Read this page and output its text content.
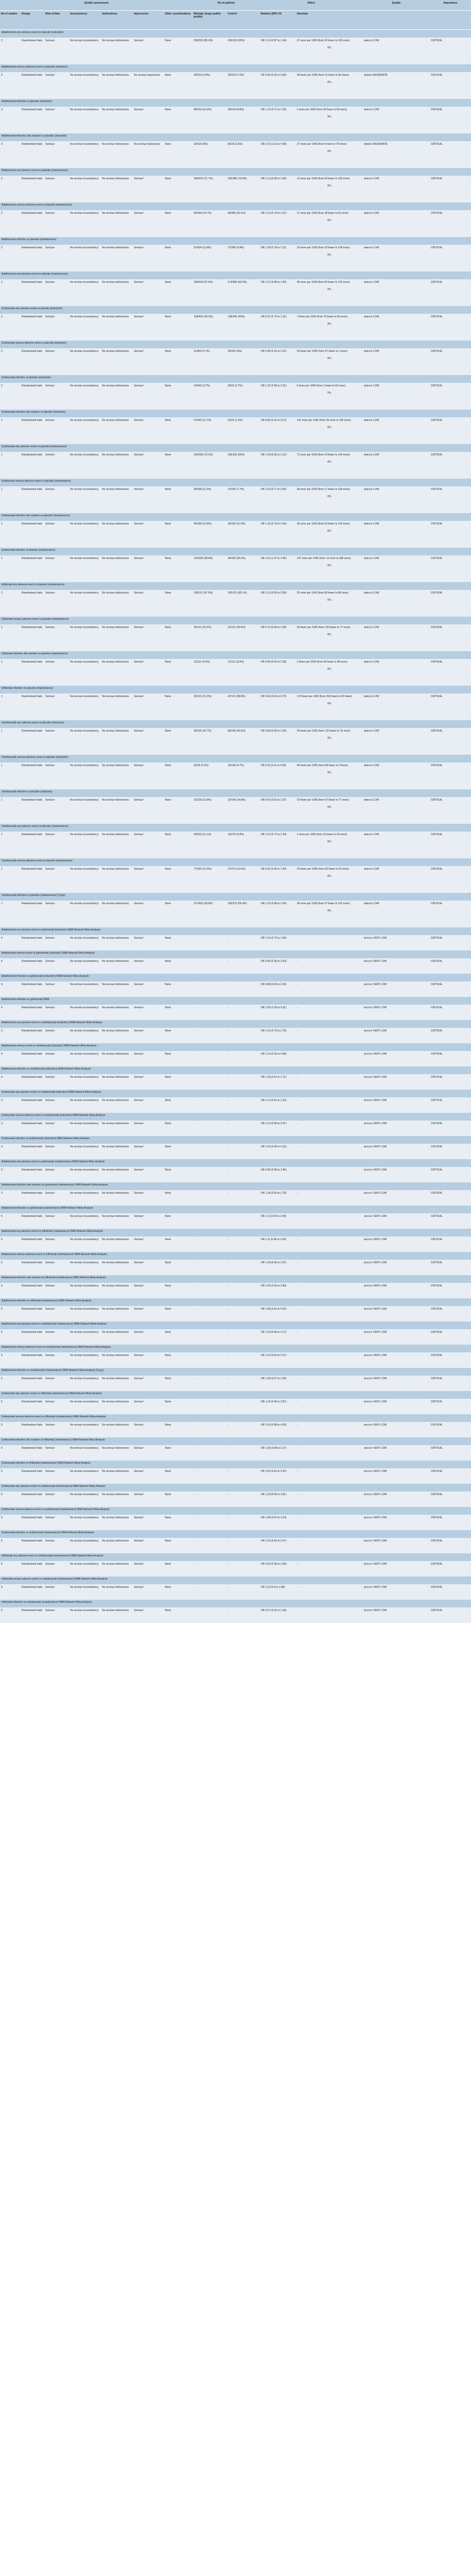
Quality assessment							No of patients		Effect		Quality	Importance
No of studies	Design	Risk of bias	Inconsistency	Indirectness	Imprecision	Other considerations	Biologic drugs (safety profile)	Control	Relative (95% CI)	Absolute		
Adalimumab any adverse event vs placebo (induction)												
2	Randomised trials	Serious¹	No serious inconsistency	No serious indirectness	Serious²	None	209/330 (55.2%)	159/319 (29%)	OR 1.16 (0.87 to 1.54)	37 more per 1000 (from 32 fewer to 105 more)
0%	⊕⊕⊝⊝ LOW	CRITICAL
Adalimumab serious adverse event vs placebo (induction)												
2	Randomised trials	Serious¹	No serious inconsistency	No serious indirectness	No serious imprecision	None	20/510 (3.9%)	24/319 (7.5%)	OR 0.46 (0.25 to 0.85)	39 fewer per 1000 (from 11 fewer to 56 fewer)
0%	⊕⊕⊕⊝ MODERATE	CRITICAL
Adalimumab infection vs placebo (induction)												
3	Randomised trials	Serious¹	No serious inconsistency	No serious indirectness	Serious²	None	86/510 (16.9%)	28/319 (8.8%)	OR 1.16 (0.71 to 1.59)	2 more per 1000 (from 30 fewer to 50 more)
0%	⊕⊕⊝⊝ LOW	CRITICAL
Adalimumab infection site reaction vs placebo (induction)												
3	Randomised trials	Serious¹	No serious inconsistency	No serious indirectness	No serious imprecision	None	32/510 (6%)	8/319 (2.5%)	OR 2.15 (1.01 to 4.58)	27 more per 1000 (from 0 more to 78 more)
0%	⊕⊕⊕⊝ MODERATE	CRITICAL
Adalimumab any adverse event vs placebo (maintenance)												
2	Randomised trials	Serious¹	No serious inconsistency	No serious indirectness	Serious²	None	304/424 (71.7%)	202/286 (70.6%)	OR 1.13 (0.69 to 1.86)	13 more per 1000 (from 90 fewer to 100 more)
0%	⊕⊕⊝⊝ LOW	CRITICAL
Adalimumab serious adverse event vs placebo (maintenance)												
2	Randomised trials	Serious¹	No serious inconsistency	No serious indirectness	Serious²	None	64/434 (14.7%)	46/286 (16.1%)	OR 1.12 (0.73 to 1.67)	17 more per 1000 (from 38 fewer to 82 more)
0%	⊕⊕⊝⊝ LOW	CRITICAL
Adalimumab infection vs placebo (maintenance)												
2	Randomised trials	Serious¹	No serious inconsistency	No serious indirectness	Serious²	None	51/434 (11.8%)	27/286 (9.4%)	OR 1.28 (0.78 to 2.11)	19 more per 1000 (from 20 fewer to 108 more)
0%	⊕⊕⊝⊝ LOW	CRITICAL
Adalimumab any adverse event vs placebo (maintenance)												
3	Randomised trials	Serious¹	No serious inconsistency	No serious indirectness	Serious²	None	250/434 (57.6%)	173/286 (60.5%)	OR 1.21 (0.80 to 1.83)	45 more per 1000 (from 55 fewer to 132 more)
0%	⊕⊕⊝⊝ LOW	CRITICAL
Golimumab any adverse event vs placebo (induction)												
2	Randomised trials	Serious¹	No serious inconsistency	No serious indirectness	Serious²	None	158/402 (39.3%)	138/345 (40%)	OR 0.97 (0.72 to 1.31)	7 fewer per 1000 (from 76 fewer to 66 more)
0%	⊕⊕⊝⊝ LOW	CRITICAL
Golimumab serious adverse event vs placebo (induction)												
2	Randomised trials	Serious¹	No serious inconsistency	No serious indirectness	Serious²	None	11/402 (2.7%)	20/331 (6%)	OR 0.48 (0.23 to 1.01)	30 fewer per 1000 (from 47 fewer to 1 more)
0%	⊕⊕⊝⊝ LOW	CRITICAL
Golimumab infection vs placebo (induction)												
2	Randomised trials	Serious¹	No serious inconsistency	No serious indirectness	Serious²	None	15/402 (3.7%)	9/331 (2.7%)	OR 1.32 (0.55 to 3.15)	9 more per 1000 (from 1 fewer to 53 more)
0%	⊕⊕⊝⊝ LOW	CRITICAL
Golimumab infection site reaction vs placebo (induction)												
1	Randomised trials	Serious¹	No serious inconsistency	No serious indirectness	Serious²	None	47/402 (11.7%)	5/331 (1.5%)	OR 8.58 (3.31 to 22.3)	101 more per 1000 (from 33 more to 238 more)
0%	⊕⊕⊝⊝ LOW	CRITICAL
Golimumab any adverse event vs placebo (maintenance)												
1	Randomised trials	Serious¹	No serious inconsistency	No serious indirectness	Serious²	None	226/309 (73.1%)	103/156 (66%)	OR 1.40 (0.92 to 2.12)	71 more per 1000 (from 19 fewer to 144 more)
0%	⊕⊕⊝⊝ LOW	CRITICAL
Golimumab serious adverse event vs placebo (maintenance)												
1	Randomised trials	Serious¹	No serious inconsistency	No serious indirectness	Serious²	None	35/309 (11.3%)	12/156 (7.7%)	OR 1.53 (0.77 to 3.05)	36 more per 1000 (from 17 fewer to 126 more)
0%	⊕⊕⊝⊝ LOW	CRITICAL
Golimumab infection site reaction vs placebo (maintenance)												
1	Randomised trials	Serious¹	No serious inconsistency	No serious indirectness	Serious²	None	46/309 (14.9%)	18/156 (11.5%)	OR 1.35 (0.75 to 2.42)	35 more per 1000 (from 26 fewer to 124 more)
0%	⊕⊕⊝⊝ LOW	CRITICAL
Golimumab infection vs placebo (maintenance)												
1	Randomised trials	Serious¹	No serious inconsistency	No serious indirectness	Serious²	None	120/309 (38.8%)	44/156 (28.2%)	OR 1.62 (1.07 to 2.45)	107 more per 1000 (from 13 more to 208 more)
0%	⊕⊕⊝⊝ LOW	CRITICAL
Infliximab any adverse event vs placebo (maintenance)												
1	Randomised trials	Serious¹	No serious inconsistency	No serious indirectness	Serious²	None	106/121 (87.6%)	103/121 (85.1%)	OR 1.23 (0.59 to 2.58)	25 more per 1000 (from 80 fewer to 86 more)
0%	⊕⊕⊝⊝ LOW	CRITICAL
Infliximab serious adverse event vs placebo (maintenance)												
1	Randomised trials	Serious¹	No serious inconsistency	No serious indirectness	Serious²	None	26/121 (21.5%)	31/121 (25.6%)	OR 0.79 (0.44 to 1.45)	42 fewer per 1000 (from 125 fewer to 77 more)
0%	⊕⊕⊝⊝ LOW	CRITICAL
Infliximab infection site reaction vs placebo (maintenance)												
1	Randomised trials	Serious¹	No serious inconsistency	No serious indirectness	Serious²	None	12/121 (9.9%)	12/121 (9.9%)	OR 0.99 (0.43 to 2.28)	1 fewer per 1000 (from 55 fewer to 98 more)
0%	⊕⊕⊝⊝ LOW	CRITICAL
Infliximab infection vs placebo (maintenance)												
1	Randomised trials	Serious¹	No serious inconsistency	No serious indirectness	Serious²	None	26/121 (21.5%)	47/121 (38.8%)	OR 0.43 (0.24 to 0.75)	174 fewer per 1000 (from 256 fewer to 66 fewer)
0%	⊕⊕⊝⊝ LOW	CRITICAL
Vedolizumab any adverse event vs placebo (induction)												
1	Randomised trials	Serious¹	No serious inconsistency	No serious indirectness	Serious²	None	96/225 (42.7%)	68/149 (45.6%)	OR 0.89 (0.59 to 1.35)	29 fewer per 1000 (from 125 fewer to 75 more)
0%	⊕⊕⊝⊝ LOW	CRITICAL
Vedolizumab serious adverse event vs placebo (induction)												
1	Randomised trials	Serious¹	No serious inconsistency	No serious indirectness	Serious²	None	5/225 (2.2%)	10/149 (6.7%)	OR 0.32 (0.11 to 0.95)	45 fewer per 1000 (from 59 fewer to 3 fewer)
0%	⊕⊕⊝⊝ LOW	CRITICAL
Vedolizumab infection vs placebo (induction)												
1	Randomised trials	Serious¹	No serious inconsistency	No serious indirectness	Serious²	None	31/225 (13.8%)	22/149 (14.8%)	OR 0.92 (0.51 to 1.67)	10 fewer per 1000 (from 67 fewer to 77 more)
0%	⊕⊕⊝⊝ LOW	CRITICAL
Vedolizumab any adverse event vs placebo (maintenance)												
1	Randomised trials	Serious¹	No serious inconsistency	No serious indirectness	Serious²	None	69/620 (11.1%)	16/275 (5.8%)	OR 1.01 (0.71 to 1.44)	1 more per 1000 (from 16 fewer to 24 more)
0%	⊕⊕⊝⊝ LOW	CRITICAL
Vedolizumab serious adverse event vs placebo (maintenance)												
1	Randomised trials	Serious¹	No serious inconsistency	No serious indirectness	Serious²	None	77/620 (12.4%)	37/275 (13.5%)	OR 0.92 (0.60 to 1.40)	10 fewer per 1000 (from 50 fewer to 43 more)
0%	⊕⊕⊝⊝ LOW	CRITICAL
Vedolizumab infection vs placebo (maintenance) (Copy)												
1	Randomised trials	Serious¹	No serious inconsistency	No serious indirectness	Serious²	None	371/620 (59.8%)	155/275 (56.4%)	OR 1.15 (0.86 to 1.54)	34 more per 1000 (from 37 fewer to 102 more)
0%	⊕⊕⊝⊝ LOW	CRITICAL
Adalimumab any adverse event vs golimumab (induction) NMA Network Meta-Analysis												
4	Randomised trials	Serious¹	No serious inconsistency	No serious indirectness	Serious²	None	-	-	OR 1.16 (0.72 to 1.85)	-	⊕⊝⊝⊝ VERY LOW	CRITICAL
Adalimumab serious event vs golimumab (induction) NMA Network Meta-Analysis												
4	Randomised trials	Serious¹	No serious inconsistency	No serious indirectness	Serious²	None	-	-	OR 0.96 (0.36 to 2.53)	-	⊕⊝⊝⊝ VERY LOW	CRITICAL
Adalimumab infection vs golimumab (induction) NMA Network Meta-Analysis												
4	Randomised trials	Serious¹	No serious inconsistency	No serious indirectness	Serious²	None	-	-	OR 0.88 (0.34 to 2.26)	-	⊕⊝⊝⊝ VERY LOW	CRITICAL
Adalimumab infection vs golimumab NMA												
4	Randomised trials	Serious¹	No serious inconsistency	No serious indirectness	Serious²	None	-	-	OR 1.66 (0.29 to 9.31)	-	⊕⊝⊝⊝ VERY LOW	CRITICAL
Adalimumab any adverse event vs vedolizumab (induction) NMA Network Meta-Analysis												
3	Randomised trials	Serious¹	No serious inconsistency	No serious indirectness	Serious²	None	-	-	OR 1.15 (0.73 to 1.79)	-	⊕⊝⊝⊝ VERY LOW	CRITICAL
Adalimumab serious event vs vedolizumab (induction) NMA Network Meta-Analysis												
4	Randomised trials	Serious¹	No serious inconsistency	No serious indirectness	Serious²	None	-	-	OR 1.16 (0.33 to 4.08)	-	⊕⊝⊝⊝ VERY LOW	CRITICAL
Adalimumab infection vs vedolizumab (induction) NMA Network Meta-Analysis												
4	Randomised trials	Serious¹	No serious inconsistency	No serious indirectness	Serious²	None	-	-	OR 1.30 (0.62 to 2.71)	-	⊕⊝⊝⊝ VERY LOW	CRITICAL
Golimumab any adverse event vs vedolizumab (induction) NMA Network Meta-Analysis												
3	Randomised trials	Serious¹	No serious inconsistency	No serious indirectness	Serious²	None	-	-	OR 1.13 (0.61 to 2.10)	-	⊕⊝⊝⊝ VERY LOW	CRITICAL
Golimumab serious adverse event vs vedolizumab (induction) NMA Network Meta-Analysis												
3	Randomised trials	Serious¹	No serious inconsistency	No serious indirectness	Serious²	None	-	-	OR 1.12 (0.36 to 3.47)	-	⊕⊝⊝⊝ VERY LOW	CRITICAL
Golimumab infection vs vedolizumab (induction) NMA Network Meta-Analysis												
3	Randomised trials	Serious¹	No serious inconsistency	No serious indirectness	Serious²	None	-	-	OR 1.42 (0.49 to 4.15)	-	⊕⊝⊝⊝ VERY LOW	CRITICAL
Adalimumab any adverse event vs golimumab (maintenance) NMA Network Meta-Analysis												
3	Randomised trials	Serious¹	No serious inconsistency	No serious indirectness	Serious²	None	-	-	OR 0.96 (0.38 to 2.45)	-	⊕⊝⊝⊝ VERY LOW	CRITICAL
Adalimumab infection site reaction vs golimumab (maintenance) NMA Network Meta-Analysis												
3	Randomised trials	Serious¹	No serious inconsistency	No serious indirectness	Serious²	None	-	-	OR 1.34 (0.65 to 2.78)	-	⊕⊝⊝⊝ VERY LOW	CRITICAL
Adalimumab infection vs golimumab (maintenance) NMA Network Meta-Analysis												
5	Randomised trials	Serious¹	No serious inconsistency	No serious indirectness	Serious²	None	-	-	OR 1.11 (0.50 to 2.45)	-	⊕⊝⊝⊝ VERY LOW	CRITICAL
Adalimumab any adverse event vs infliximab (maintenance) NMA Network Meta-Analysis												
5	Randomised trials	Serious¹	No serious inconsistency	No serious indirectness	Serious²	None	-	-	OR 1.11 (0.46 to 2.69)	-	⊕⊝⊝⊝ VERY LOW	CRITICAL
Adalimumab serious adverse event vs infliximab (maintenance) NMA Network Meta-Analysis												
5	Randomised trials	Serious¹	No serious inconsistency	No serious indirectness	Serious²	None	-	-	OR 1.40 (0.66 to 2.97)	-	⊕⊝⊝⊝ VERY LOW	CRITICAL
Adalimumab infection site reaction vs infliximab (maintenance) NMA Network Meta-Analysis												
5	Randomised trials	Serious¹	No serious inconsistency	No serious indirectness	Serious²	None	-	-	OR 1.25 (0.56 to 2.80)	-	⊕⊝⊝⊝ VERY LOW	CRITICAL
Adalimumab infection vs infliximab (maintenance) NMA Network Meta-Analysis												
5	Randomised trials	Serious¹	No serious inconsistency	No serious indirectness	Serious²	None	-	-	OR 1.85 (0.62 to 5.52)	-	⊕⊝⊝⊝ VERY LOW	CRITICAL
Adalimumab any adverse event vs vedolizumab (maintenance) NMA Network Meta-Analysis												
5	Randomised trials	Serious¹	No serious inconsistency	No serious indirectness	Serious²	None	-	-	OR 1.00 (0.46 to 2.17)	-	⊕⊝⊝⊝ VERY LOW	CRITICAL
Adalimumab serious adverse event vs vedolizumab (maintenance) NMA Network Meta-Analysis												
5	Randomised trials	Serious¹	No serious inconsistency	No serious indirectness	Serious²	None	-	-	OR 1.22 (0.63 to 2.37)	-	⊕⊝⊝⊝ VERY LOW	CRITICAL
Adalimumab infection vs vedolizumab (maintenance) NMA Network Meta-Analysis (Copy)												
5	Randomised trials	Serious¹	No serious inconsistency	No serious indirectness	Serious²	None	-	-	OR 1.06 (0.47 to 2.39)	-	⊕⊝⊝⊝ VERY LOW	CRITICAL
Golimumab any adverse event vs infliximab (maintenance) NMA Network Meta-Analysis												
5	Randomised trials	Serious¹	No serious inconsistency	No serious indirectness	Serious²	None	-	-	OR 1.14 (0.45 to 2.87)	-	⊕⊝⊝⊝ VERY LOW	CRITICAL
Golimumab serious adverse event vs infliximab (maintenance) NMA Network Meta-Analysis												
5	Randomised trials	Serious¹	No serious inconsistency	No serious indirectness	Serious²	None	-	-	OR 1.93 (0.88 to 4.25)	-	⊕⊝⊝⊝ VERY LOW	CRITICAL
Golimumab infection site reaction vs infliximab (maintenance) NMA Network Meta-Analysis												
5	Randomised trials	Serious¹	No serious inconsistency	No serious indirectness	Serious²	None	-	-	OR 1.36 (0.58 to 3.17)	-	⊕⊝⊝⊝ VERY LOW	CRITICAL
Golimumab infection vs infliximab (maintenance) NMA Network Meta-Analysis												
5	Randomised trials	Serious¹	No serious inconsistency	No serious indirectness	Serious²	None	-	-	OR 1.62 (0.62 to 4.20)	-	⊕⊝⊝⊝ VERY LOW	CRITICAL
Golimumab any adverse event vs vedolizumab (maintenance) NMA Network Meta-Analysis												
5	Randomised trials	Serious¹	No serious inconsistency	No serious indirectness	Serious²	None	-	-	OR 1.29 (0.59 to 2.81)	-	⊕⊝⊝⊝ VERY LOW	CRITICAL
Golimumab serious adverse event vs vedolizumab (maintenance) NMA Network Meta-Analysis												
5	Randomised trials	Serious¹	No serious inconsistency	No serious indirectness	Serious²	None	-	-	OR 1.68 (0.87 to 3.24)	-	⊕⊝⊝⊝ VERY LOW	CRITICAL
Golimumab infection vs vedolizumab (maintenance) NMA Network Meta-Analysis												
5	Randomised trials	Serious¹	No serious inconsistency	No serious indirectness	Serious²	None	-	-	OR 1.16 (0.53 to 2.57)	-	⊕⊝⊝⊝ VERY LOW	CRITICAL
Infliximab any adverse event vs vedolizumab (maintenance) NMA Network Meta-Analysis												
5	Randomised trials	Serious¹	No serious inconsistency	No serious indirectness	Serious²	None	-	-	OR 0.90 (0.39 to 2.09)	-	⊕⊝⊝⊝ VERY LOW	CRITICAL
Infliximab serious adverse event vs vedolizumab (maintenance) NMA Network Meta-Analysis												
5	Randomised trials	Serious¹	No serious inconsistency	No serious indirectness	Serious²	None	-	-	OR 1.22 (0.5 to 2.95)	-	⊕⊝⊝⊝ VERY LOW	CRITICAL
Infliximab infection vs vedolizumab (maintenance) NMA Network Meta-Analysis												
5	Randomised trials	Serious¹	No serious inconsistency	No serious indirectness	Serious²	None	-	-	OR 0.57 (0.22 to 1.49)	-	⊕⊝⊝⊝ VERY LOW	CRITICAL
